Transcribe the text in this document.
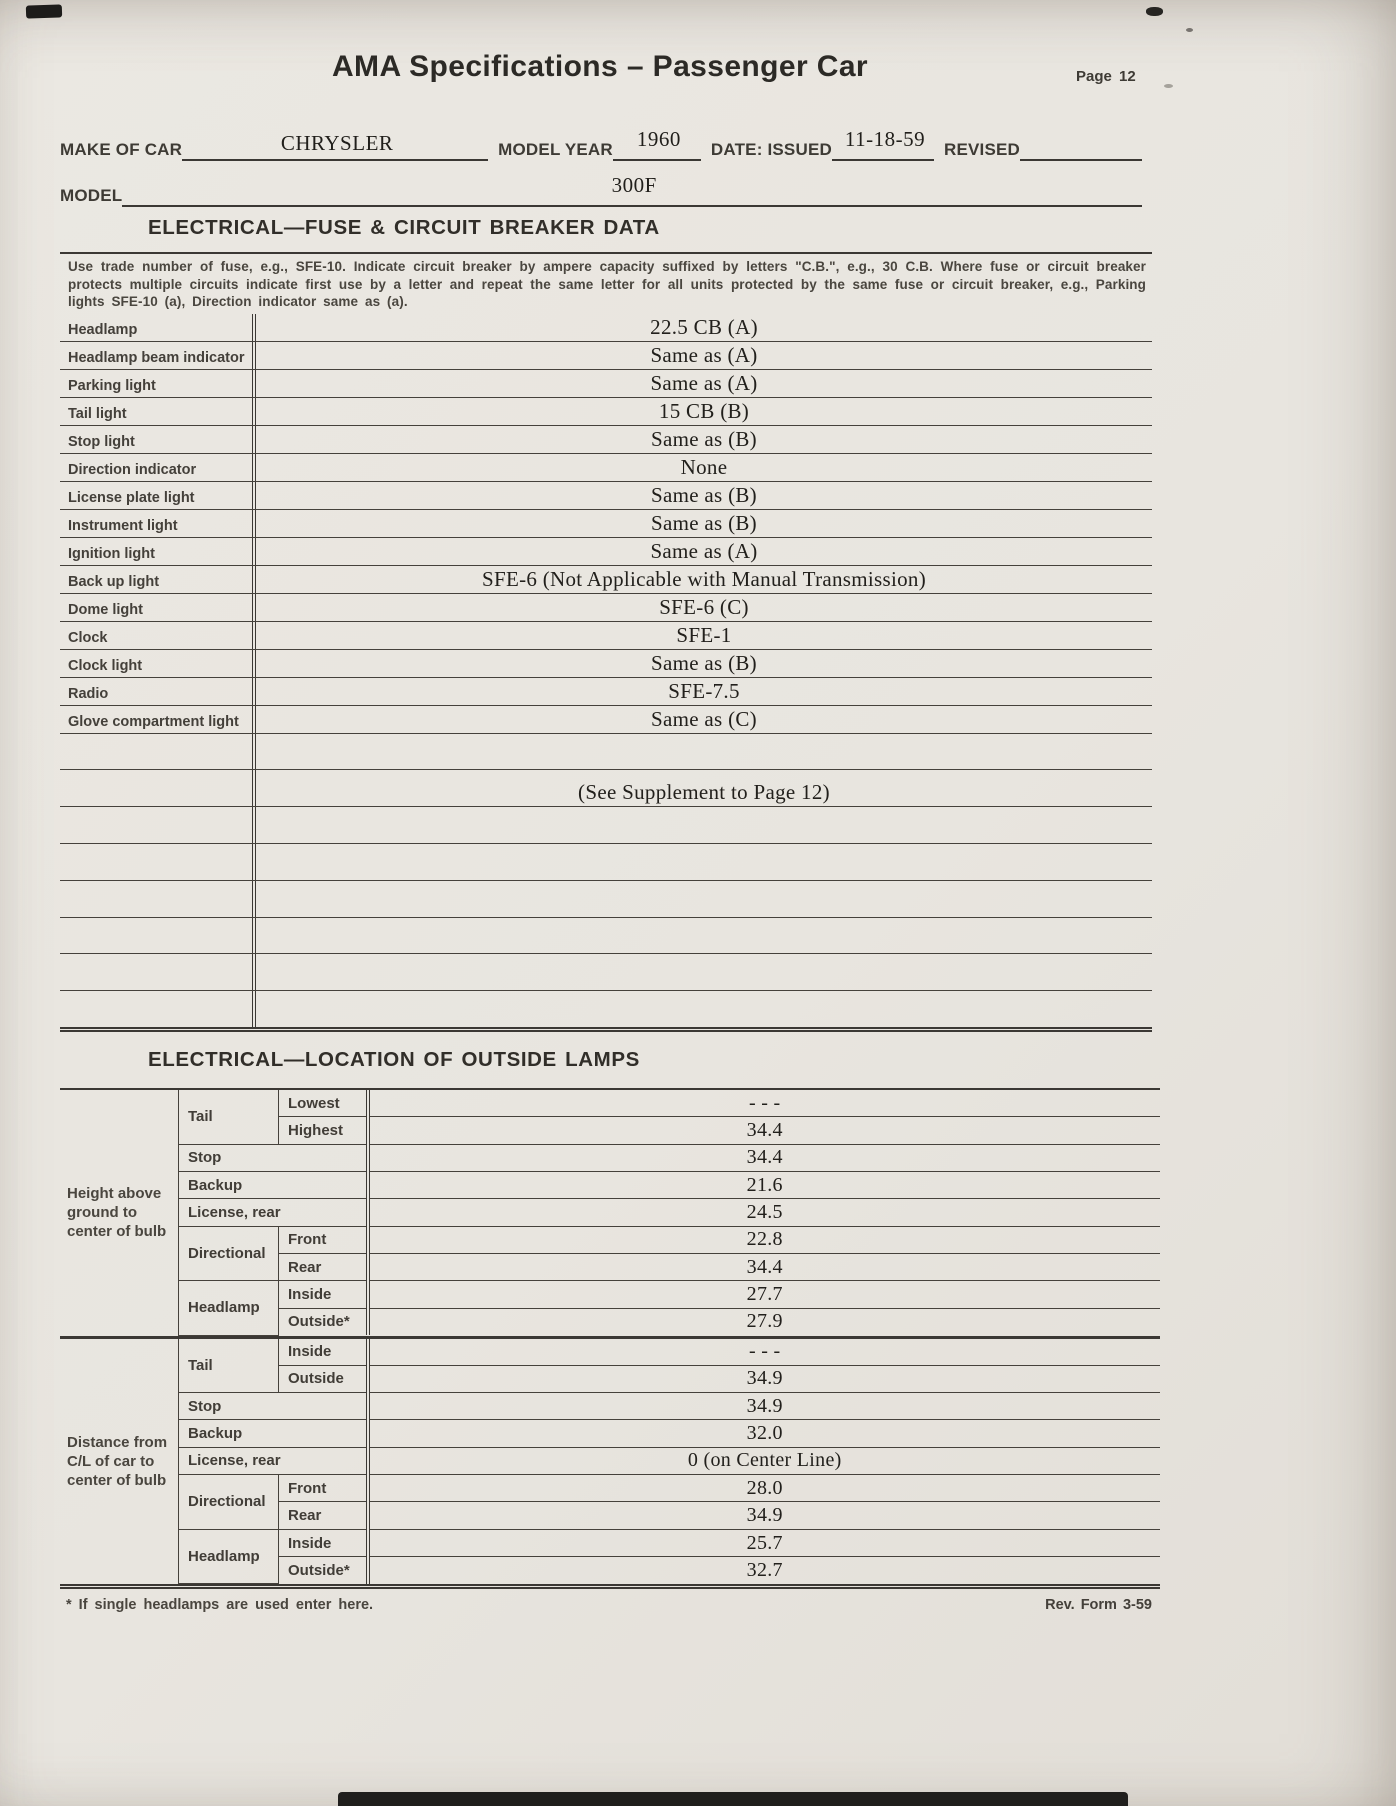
AMA Specifications – Passenger Car	Page 12
MAKE OF CAR	CHRYSLER	MODEL YEAR	1960	DATE: ISSUED 11-18-59	REVISED
MODEL	300F
ELECTRICAL—FUSE & CIRCUIT BREAKER DATA
Use trade number of fuse, e.g., SFE-10. Indicate circuit breaker by ampere capacity suffixed by letters "C.B.", e.g., 30 C.B. Where fuse or circuit breaker protects multiple circuits indicate first use by a letter and repeat the same letter for all units protected by the same fuse or circuit breaker, e.g., Parking lights SFE-10 (a), Direction indicator same as (a).
Headlamp	22.5 CB (A)
Headlamp beam indicator	Same as (A)
Parking light	Same as (A)
Tail light	15 CB (B)
Stop light	Same as (B)
Direction indicator	None
License plate light	Same as (B)
Instrument light	Same as (B)
Ignition light	Same as (A)
Back up light	SFE-6 (Not Applicable with Manual Transmission)
Dome light	SFE-6 (C)
Clock	SFE-1
Clock light	Same as (B)
Radio	SFE-7.5
Glove compartment light	Same as (C)
(See Supplement to Page 12)
ELECTRICAL—LOCATION OF OUTSIDE LAMPS
Height above ground to center of bulb
Tail	Lowest	- - -
	Highest	34.4
Stop		34.4
Backup		21.6
License, rear		24.5
Directional	Front	22.8
	Rear	34.4
Headlamp	Inside	27.7
	Outside*	27.9
Distance from C/L of car to center of bulb
Tail	Inside	- - -
	Outside	34.9
Stop		34.9
Backup		32.0
License, rear		0 (on Center Line)
Directional	Front	28.0
	Rear	34.9
Headlamp	Inside	25.7
	Outside*	32.7
* If single headlamps are used enter here.	Rev. Form 3-59
